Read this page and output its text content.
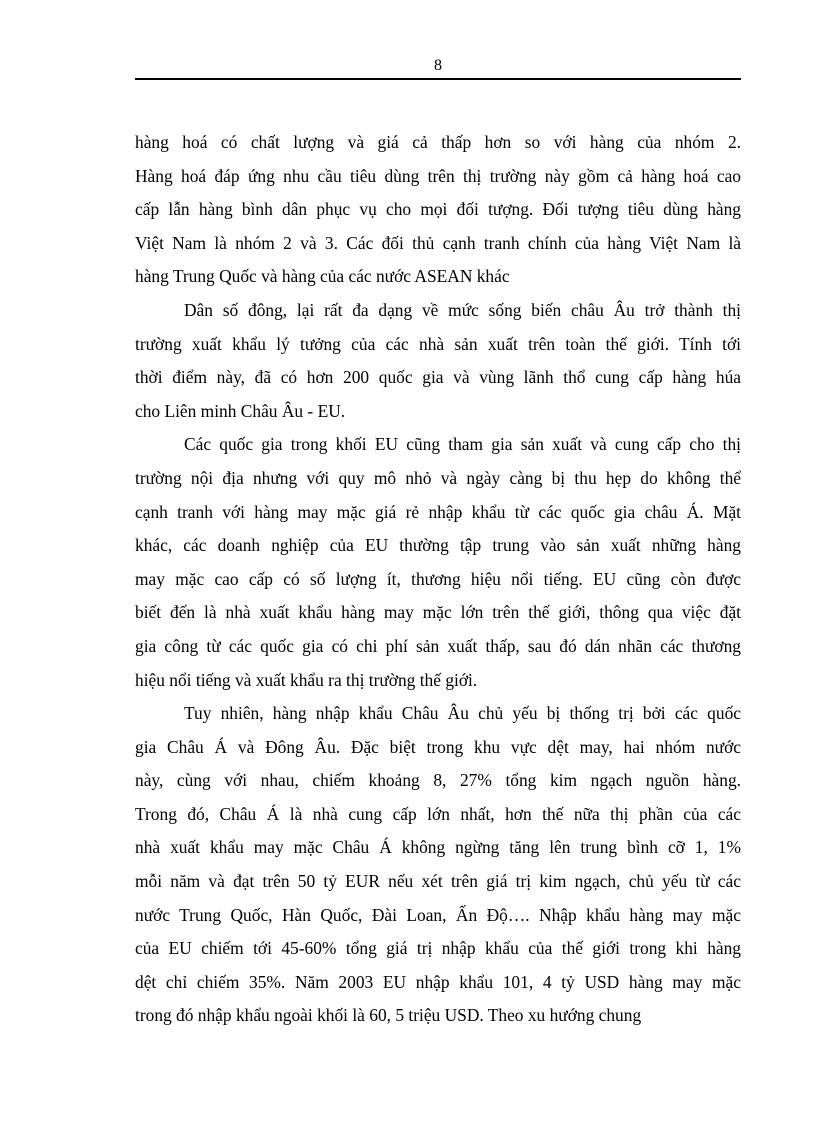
8
hàng hoá có chất lượng và giá cả thấp hơn so với hàng của nhóm 2.
Hàng hoá đáp ứng nhu cầu tiêu dùng trên thị trường này gồm cả hàng hoá cao
cấp lẫn hàng bình dân phục vụ cho mọi đối tượng. Đối tượng tiêu dùng hàng
Việt Nam là nhóm 2 và 3. Các đối thủ cạnh tranh chính của hàng Việt Nam là
hàng Trung Quốc và hàng của các nước ASEAN khác
Dân số đông, lại rất đa dạng về mức sống biến châu Âu trở thành thị
trường xuất khẩu lý tưởng của các nhà sản xuất trên toàn thế giới. Tính tới
thời điểm này, đã có hơn 200 quốc gia và vùng lãnh thổ cung cấp hàng húa
cho Liên minh Châu Âu - EU.
Các quốc gia trong khối EU cũng tham gia sản xuất và cung cấp cho thị
trường nội địa nhưng với quy mô nhỏ và ngày càng bị thu hẹp do không thể
cạnh tranh với hàng may mặc giá rẻ nhập khẩu từ các quốc gia châu Á. Mặt
khác, các doanh nghiệp của EU thường tập trung vào sản xuất những hàng
may mặc cao cấp có số lượng ít, thương hiệu nổi tiếng. EU cũng còn được
biết đến là nhà xuất khẩu hàng may mặc lớn trên thế giới, thông qua việc đặt
gia công từ các quốc gia có chi phí sản xuất thấp, sau đó dán nhãn các thương
hiệu nổi tiếng và xuất khẩu ra thị trường thế giới.
Tuy nhiên, hàng nhập khẩu Châu Âu chủ yếu bị thống trị bởi các quốc
gia Châu Á và Đông Âu. Đặc biệt trong khu vực dệt may, hai nhóm nước
này, cùng với nhau, chiếm khoảng 8, 27% tổng kim ngạch nguồn hàng.
Trong đó, Châu Á là nhà cung cấp lớn nhất, hơn thế nữa thị phần của các
nhà xuất khẩu may mặc Châu Á không ngừng tăng lên trung bình cỡ 1, 1%
mỗi năm và đạt trên 50 tỷ EUR nếu xét trên giá trị kim ngạch, chủ yếu từ các
nước Trung Quốc, Hàn Quốc, Đài Loan, Ấn Độ…. Nhập khẩu hàng may mặc
của EU chiếm tới 45-60% tổng giá trị nhập khẩu của thế giới trong khi hàng
dệt chỉ chiếm 35%. Năm 2003 EU nhập khẩu 101, 4 tỷ USD hàng may mặc
trong đó nhập khẩu ngoài khối là 60, 5 triệu USD. Theo xu hướng chung
